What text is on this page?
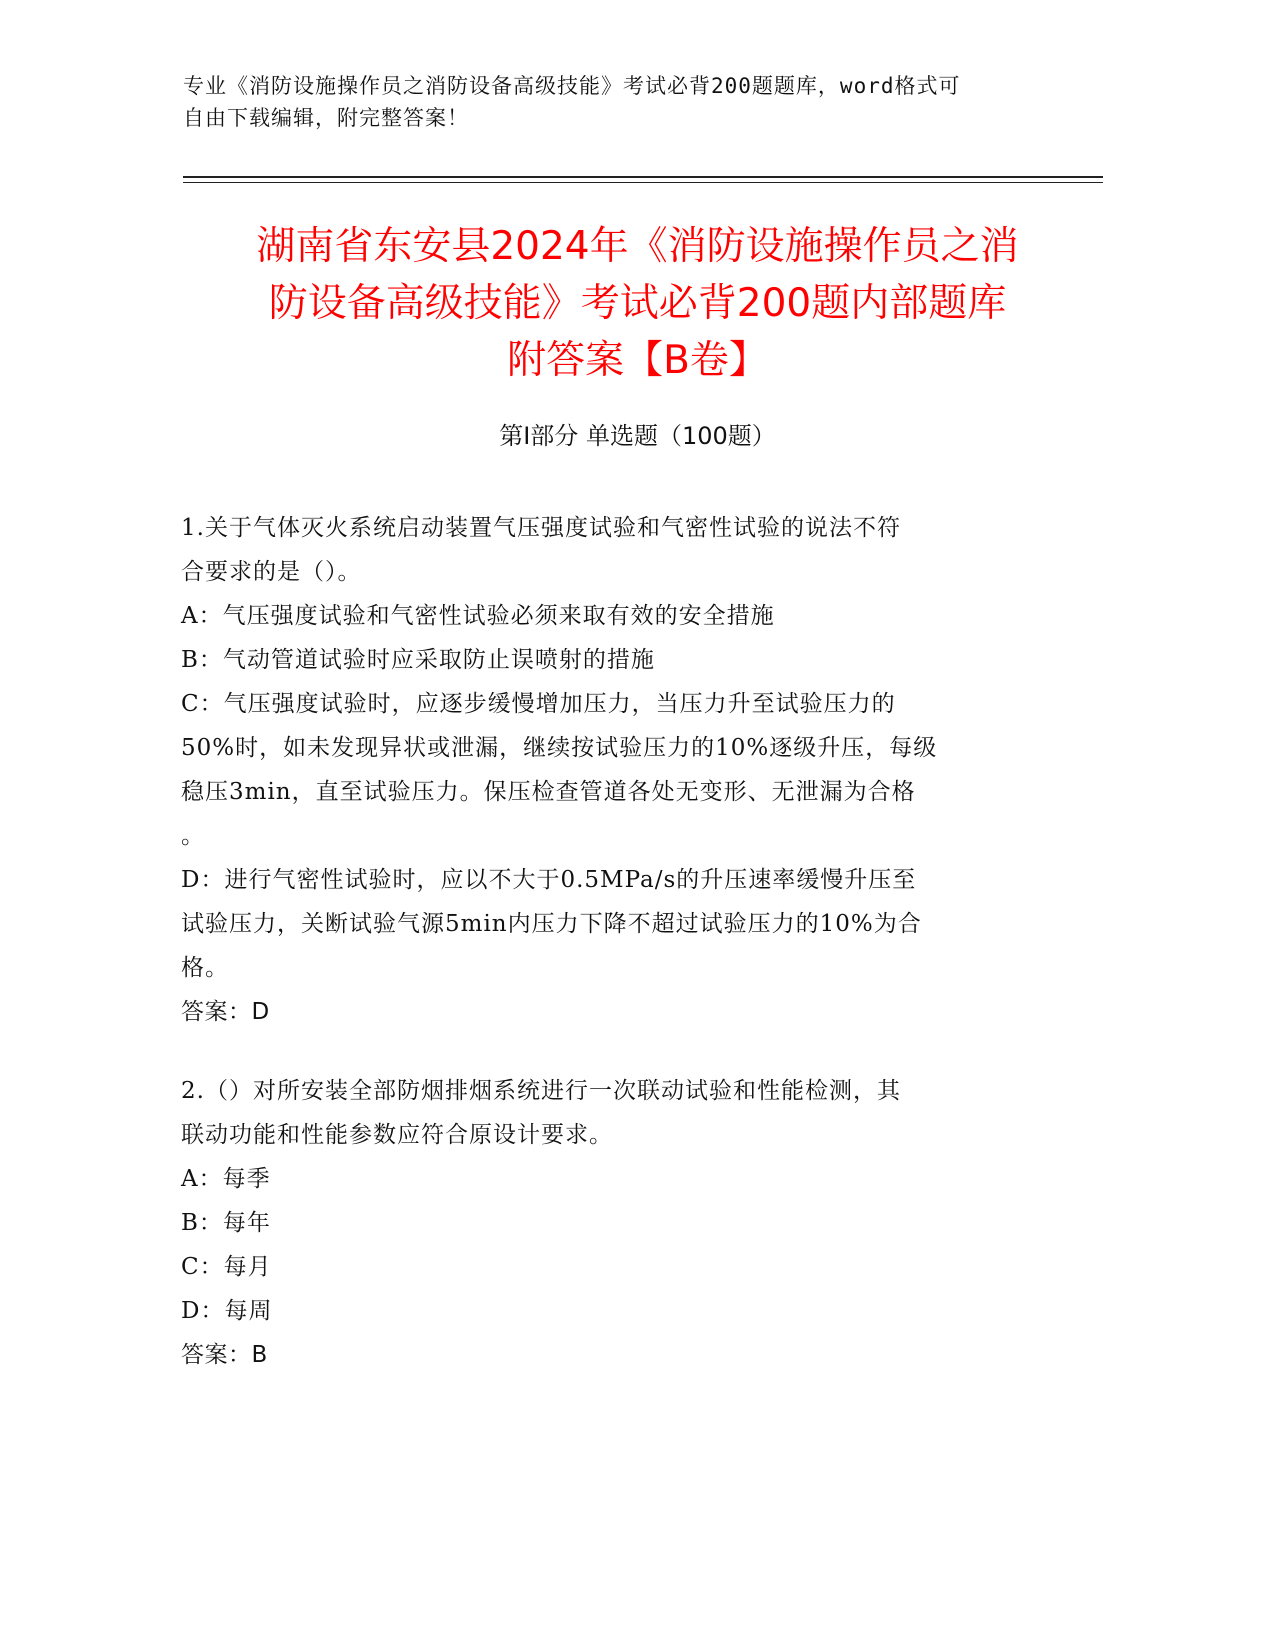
专业《消防设施操作员之消防设备高级技能》考试必背200题题库，word格式可
自由下载编辑，附完整答案！
湖南省东安县2024年《消防设施操作员之消
防设备高级技能》考试必背200题内部题库
附答案【B卷】
第Ⅰ部分 单选题（100题）
1.关于气体灭火系统启动装置气压强度试验和气密性试验的说法不符
合要求的是（）。
A：气压强度试验和气密性试验必须来取有效的安全措施
B：气动管道试验时应采取防止误喷射的措施
C：气压强度试验时，应逐步缓慢增加压力，当压力升至试验压力的
50%时，如未发现异状或泄漏，继续按试验压力的10%逐级升压，每级
稳压3min，直至试验压力。保压检查管道各处无变形、无泄漏为合格
。
D：进行气密性试验时，应以不大于0.5MPa/s的升压速率缓慢升压至
试验压力，关断试验气源5min内压力下降不超过试验压力的10%为合
格。
答案：D
2.（）对所安装全部防烟排烟系统进行一次联动试验和性能检测，其
联动功能和性能参数应符合原设计要求。
A：每季
B：每年
C：每月
D：每周
答案：B
